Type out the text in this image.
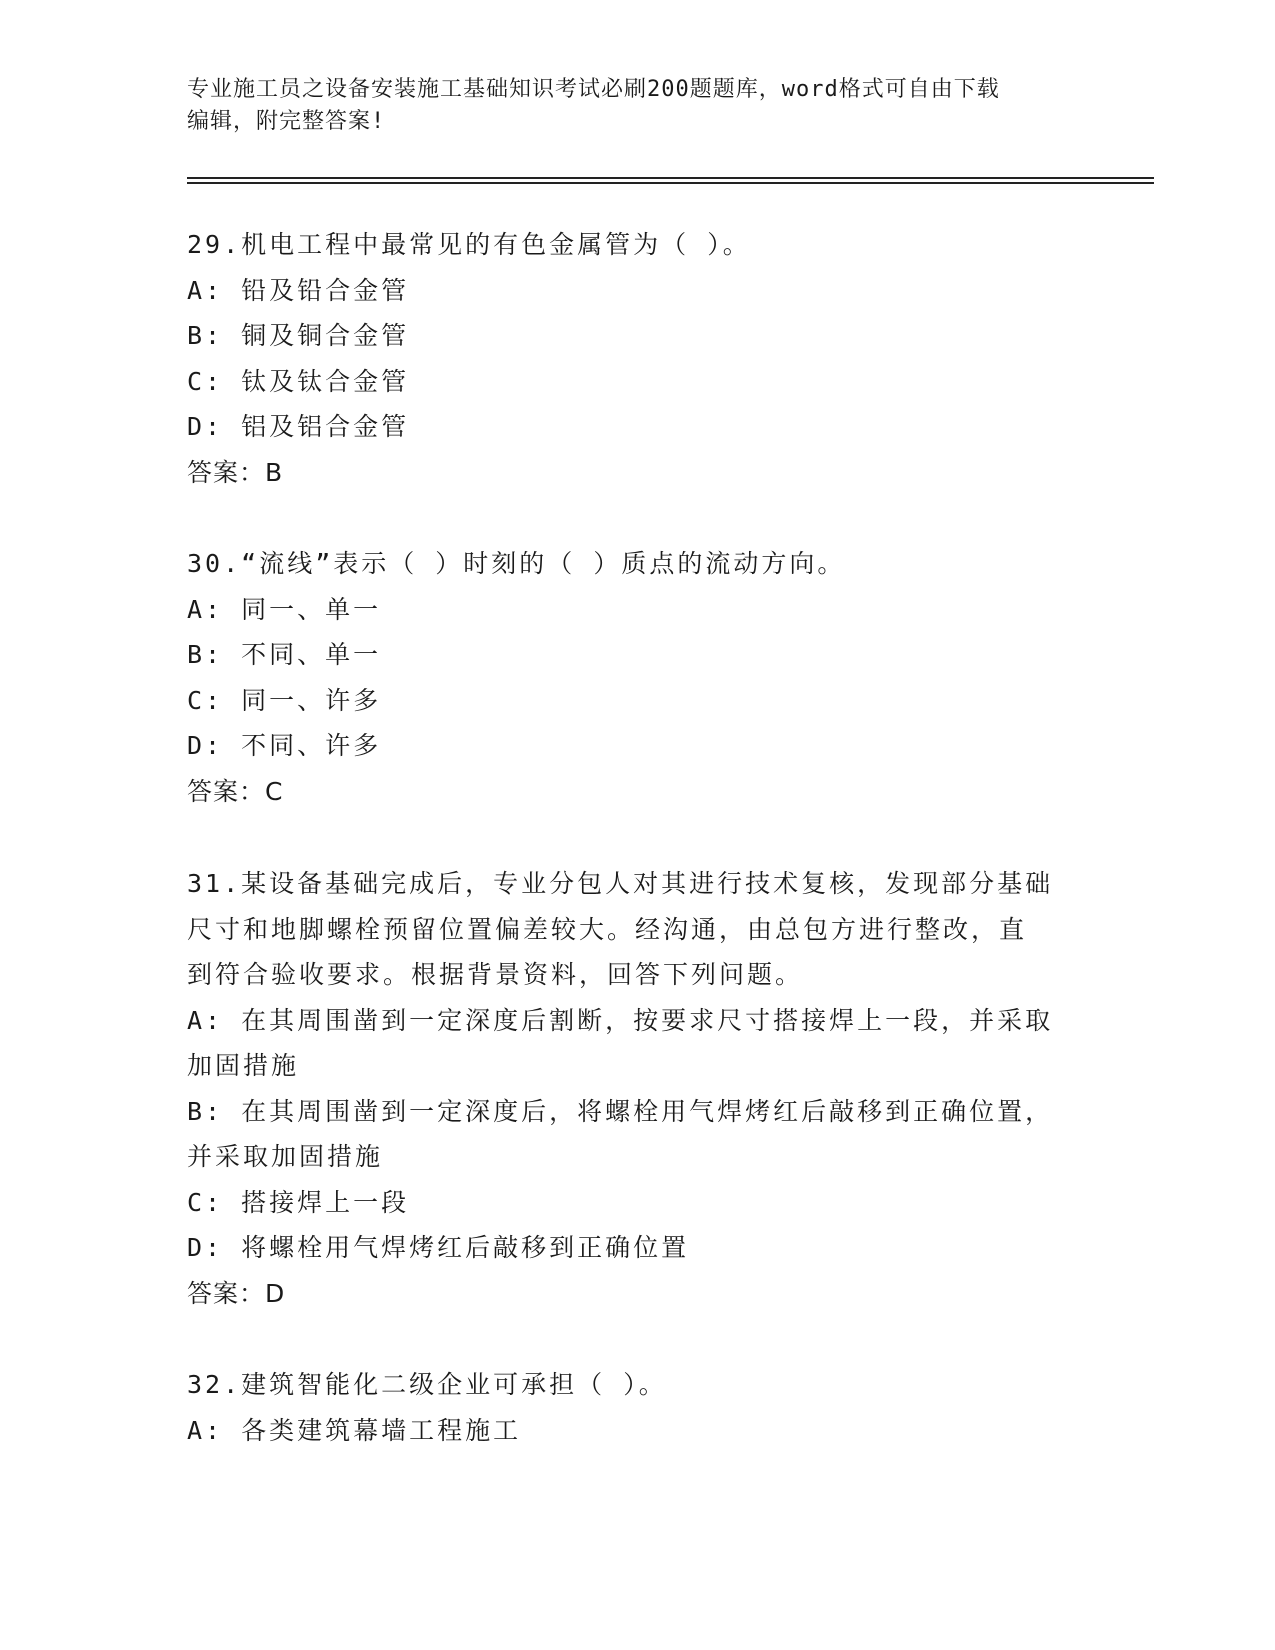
专业施工员之设备安装施工基础知识考试必刷200题题库，word格式可自由下载
编辑，附完整答案!
29.机电工程中最常见的有色金属管为（ ）。
A: 铅及铅合金管
B: 铜及铜合金管
C: 钛及钛合金管
D: 铝及铝合金管
答案：B
30.“流线”表示（ ）时刻的（ ）质点的流动方向。
A: 同一、单一
B: 不同、单一
C: 同一、许多
D: 不同、许多
答案：C
31.某设备基础完成后，专业分包人对其进行技术复核，发现部分基础
尺寸和地脚螺栓预留位置偏差较大。经沟通，由总包方进行整改，直
到符合验收要求。根据背景资料，回答下列问题。
A: 在其周围凿到一定深度后割断，按要求尺寸搭接焊上一段，并采取
加固措施
B: 在其周围凿到一定深度后，将螺栓用气焊烤红后敲移到正确位置，
并采取加固措施
C: 搭接焊上一段
D: 将螺栓用气焊烤红后敲移到正确位置
答案：D
32.建筑智能化二级企业可承担（ ）。
A: 各类建筑幕墙工程施工
